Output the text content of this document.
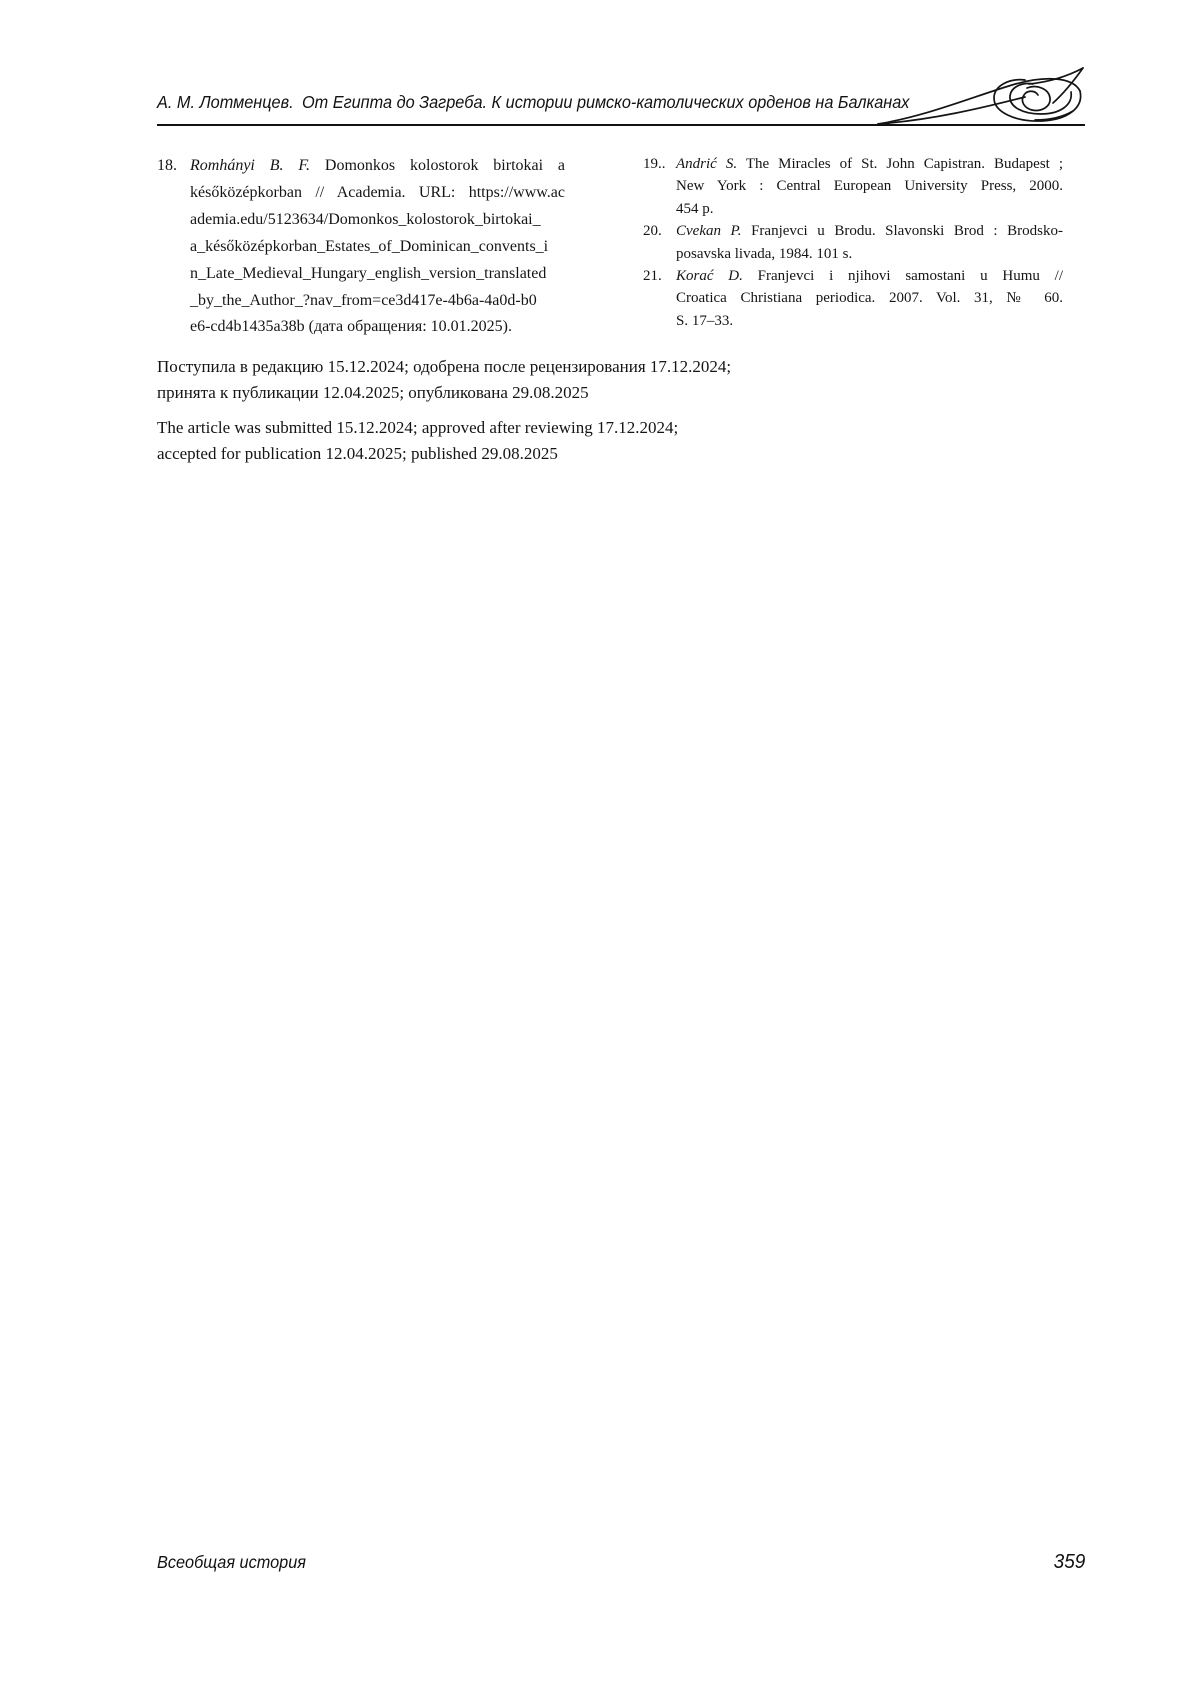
А. М. Лотменцев. От Египта до Загреба. К истории римско-католических орденов на Балканах
18. Romhányi B. F. Domonkos kolostorok birtokai a
későközépkorban // Academia. URL: https://www.ac
ademia.edu/5123634/Domonkos_kolostorok_birtokai_
a_későközépkorban_Estates_of_Dominican_convents_i
n_Late_Medieval_Hungary_english_version_translated
_by_the_Author_?nav_from=ce3d417e-4b6a-4a0d-b0
e6-cd4b1435a38b (дата обращения: 10.01.2025).
19.. Andrić S. The Miracles of St. John Capistran. Budapest ;
New York : Central European University Press, 2000.
454 p.
20. Cvekan P. Franjevci u Brodu. Slavonski Brod : Brodsko-
posavska livada, 1984. 101 s.
21. Korać D. Franjevci i njihovi samostani u Humu //
Croatica Christiana periodica. 2007. Vol. 31, № 60.
S. 17–33.

Поступила в редакцию 15.12.2024; одобрена после рецензирования 17.12.2024;

принята к публикации 12.04.2025; опубликована 29.08.2025

The article was submitted 15.12.2024; approved after reviewing 17.12.2024;

accepted for publication 12.04.2025; published 29.08.2025

Всеобщая история	359
